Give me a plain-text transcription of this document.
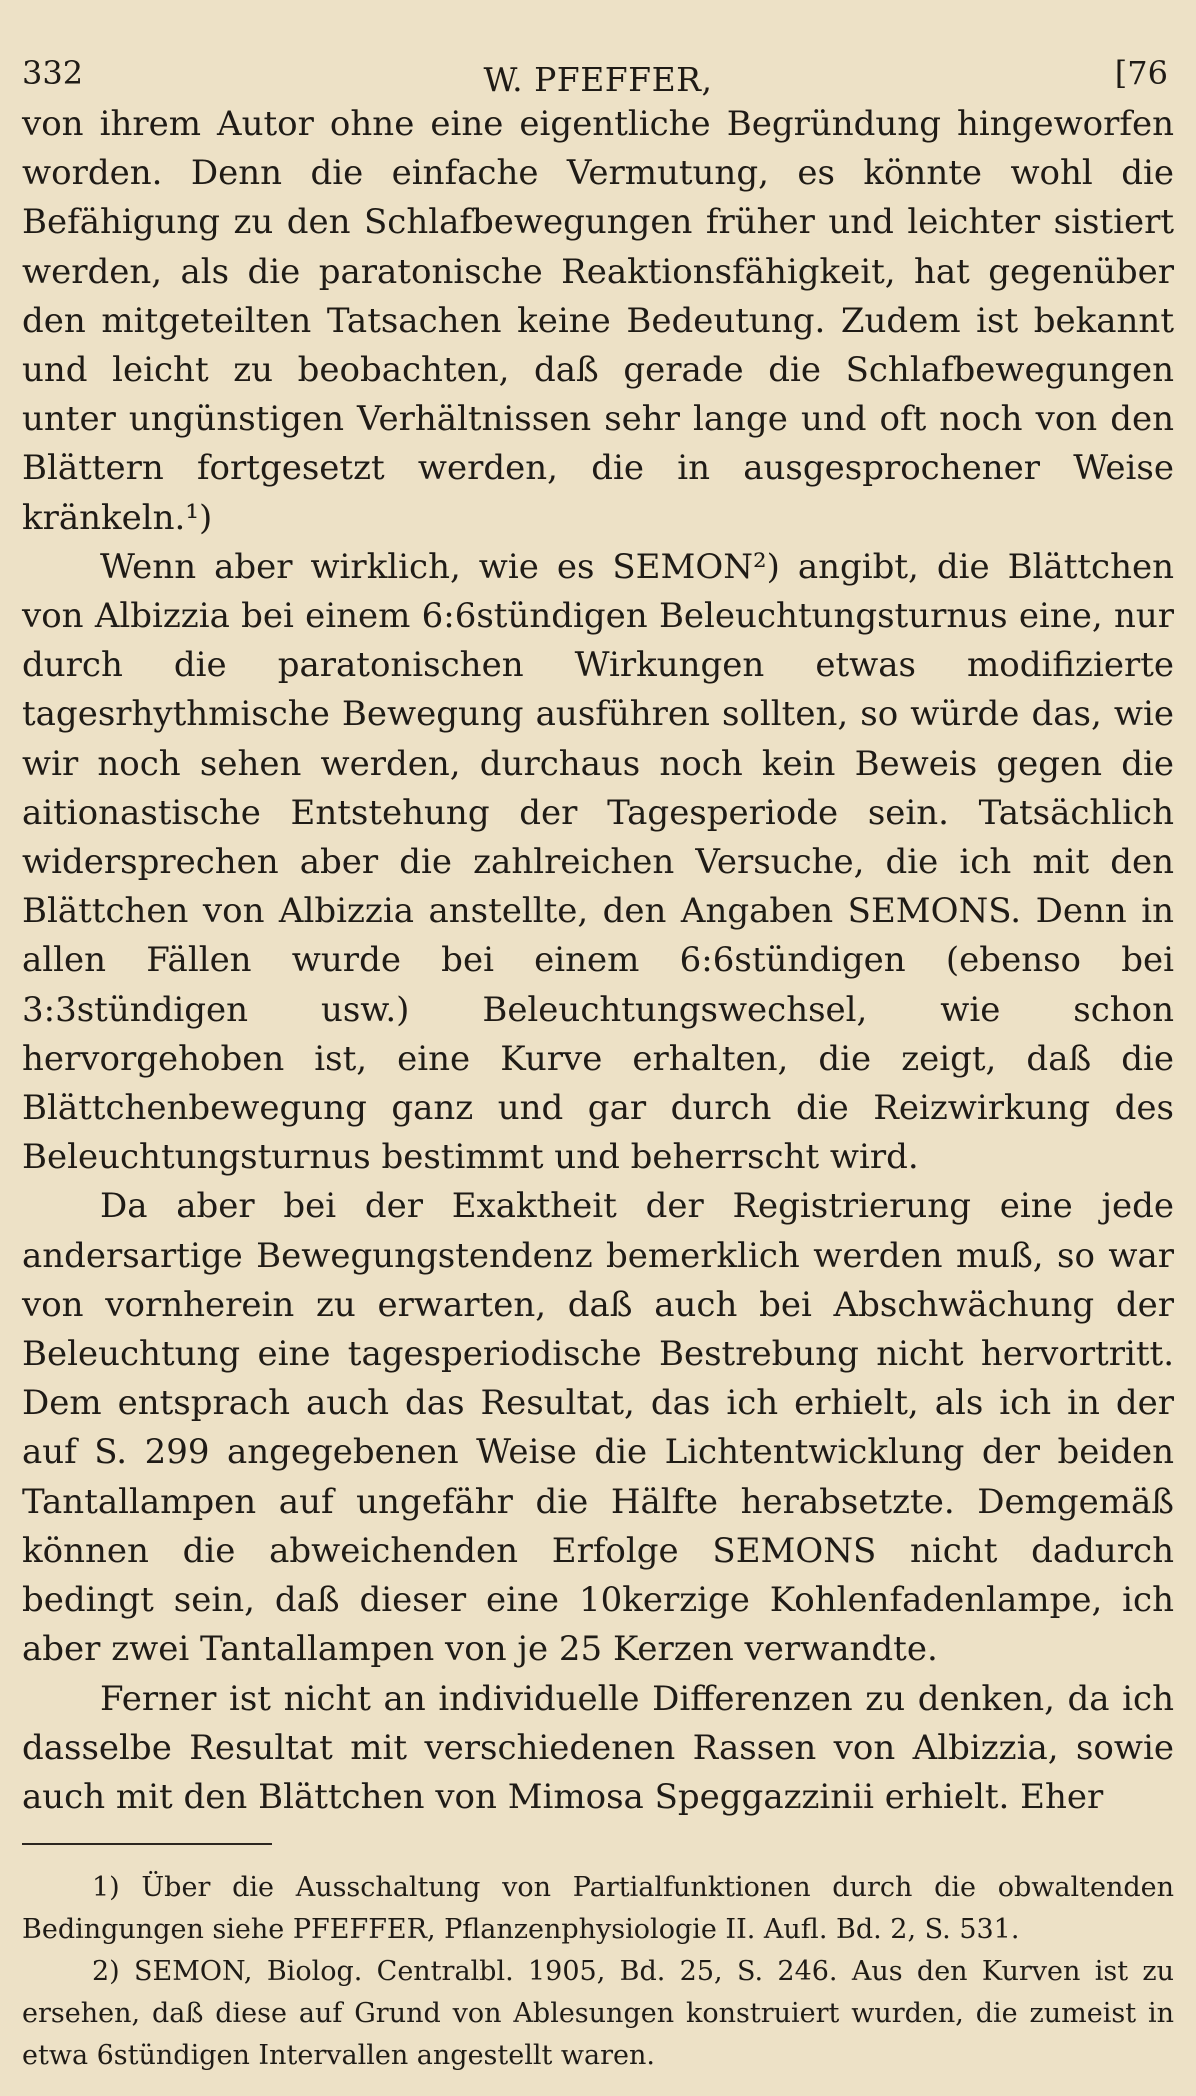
332	W. PFEFFER,	[76

von ihrem Autor ohne eine eigentliche Begründung hingeworfen worden. Denn die einfache Vermutung, es könnte wohl die Befähigung zu den Schlafbewegungen früher und leichter sistiert werden, als die paratonische Reaktionsfähigkeit, hat gegenüber den mitgeteilten Tatsachen keine Bedeutung. Zudem ist bekannt und leicht zu beobachten, daß gerade die Schlafbewegungen unter ungünstigen Verhältnissen sehr lange und oft noch von den Blättern fortgesetzt werden, die in ausgesprochener Weise kränkeln.¹)

Wenn aber wirklich, wie es SEMON²) angibt, die Blättchen von Albizzia bei einem 6:6stündigen Beleuchtungsturnus eine, nur durch die paratonischen Wirkungen etwas modifizierte tagesrhythmische Bewegung ausführen sollten, so würde das, wie wir noch sehen werden, durchaus noch kein Beweis gegen die aitionastische Entstehung der Tagesperiode sein. Tatsächlich widersprechen aber die zahlreichen Versuche, die ich mit den Blättchen von Albizzia anstellte, den Angaben SEMONS. Denn in allen Fällen wurde bei einem 6:6stündigen (ebenso bei 3:3stündigen usw.) Beleuchtungswechsel, wie schon hervorgehoben ist, eine Kurve erhalten, die zeigt, daß die Blättchenbewegung ganz und gar durch die Reizwirkung des Beleuchtungsturnus bestimmt und beherrscht wird.

Da aber bei der Exaktheit der Registrierung eine jede andersartige Bewegungstendenz bemerklich werden muß, so war von vornherein zu erwarten, daß auch bei Abschwächung der Beleuchtung eine tagesperiodische Bestrebung nicht hervortritt. Dem entsprach auch das Resultat, das ich erhielt, als ich in der auf S. 299 angegebenen Weise die Lichtentwicklung der beiden Tantallampen auf ungefähr die Hälfte herabsetzte. Demgemäß können die abweichenden Erfolge SEMONS nicht dadurch bedingt sein, daß dieser eine 10kerzige Kohlenfadenlampe, ich aber zwei Tantallampen von je 25 Kerzen verwandte.

Ferner ist nicht an individuelle Differenzen zu denken, da ich dasselbe Resultat mit verschiedenen Rassen von Albizzia, sowie auch mit den Blättchen von Mimosa Speggazzinii erhielt. Eher

1) Über die Ausschaltung von Partialfunktionen durch die obwaltenden Bedingungen siehe PFEFFER, Pflanzenphysiologie II. Aufl. Bd. 2, S. 531.

2) SEMON, Biolog. Centralbl. 1905, Bd. 25, S. 246. Aus den Kurven ist zu ersehen, daß diese auf Grund von Ablesungen konstruiert wurden, die zumeist in etwa 6stündigen Intervallen angestellt waren.
